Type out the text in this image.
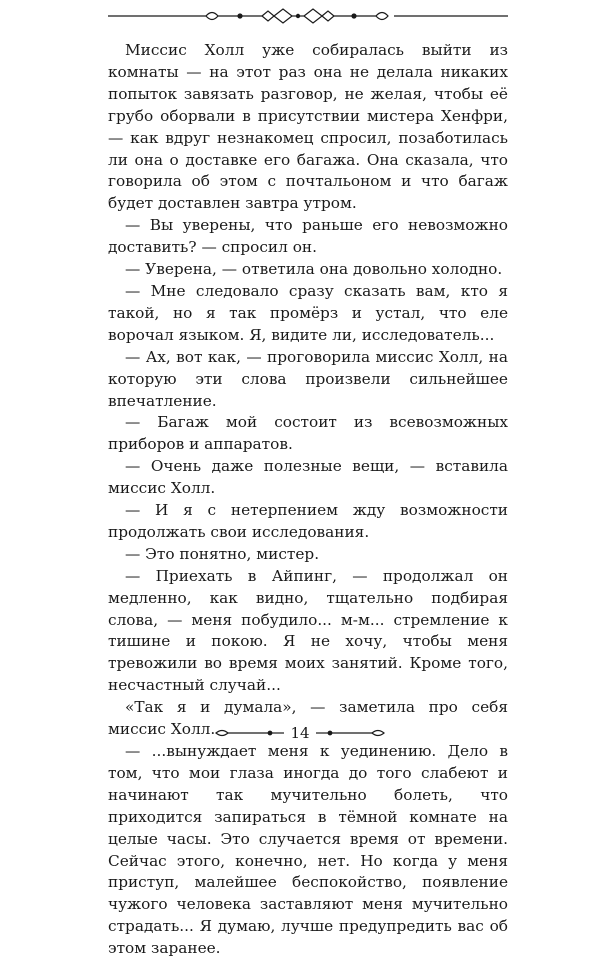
Миссис Холл уже собиралась выйти из комнаты — на этот раз она не делала никаких попыток завязать разговор, не желая, чтобы её грубо оборвали в присутствии мистера Хенфри, — как вдруг незнакомец спросил, позаботилась ли она о доставке его багажа. Она сказала, что говорила об этом с почтальоном и что багаж будет доставлен завтра утром.

— Вы уверены, что раньше его невозможно доставить? — спросил он.

— Уверена, — ответила она довольно холодно.

— Мне следовало сразу сказать вам, кто я такой, но я так промёрз и устал, что еле ворочал языком. Я, видите ли, исследователь...

— Ах, вот как, — проговорила миссис Холл, на которую эти слова произвели сильнейшее впечатление.

— Багаж мой состоит из всевозможных приборов и аппаратов.

— Очень даже полезные вещи, — вставила миссис Холл.

— И я с нетерпением жду возможности продолжать свои исследования.

— Это понятно, мистер.

— Приехать в Айпинг, — продолжал он медленно, как видно, тщательно подбирая слова, — меня побудило... м-м... стремление к тишине и покою. Я не хочу, чтобы меня тревожили во время моих занятий. Кроме того, несчастный случай...

«Так я и думала», — заметила про себя миссис Холл.

— ...вынуждает меня к уединению. Дело в том, что мои глаза иногда до того слабеют и начинают так мучительно болеть, что приходится запираться в тёмной комнате на целые часы. Это случается время от времени. Сейчас этого, конечно, нет. Но когда у меня приступ, малейшее беспокойство, появление чужого человека заставляют меня мучительно страдать... Я думаю, лучше предупредить вас об этом заранее.

14
